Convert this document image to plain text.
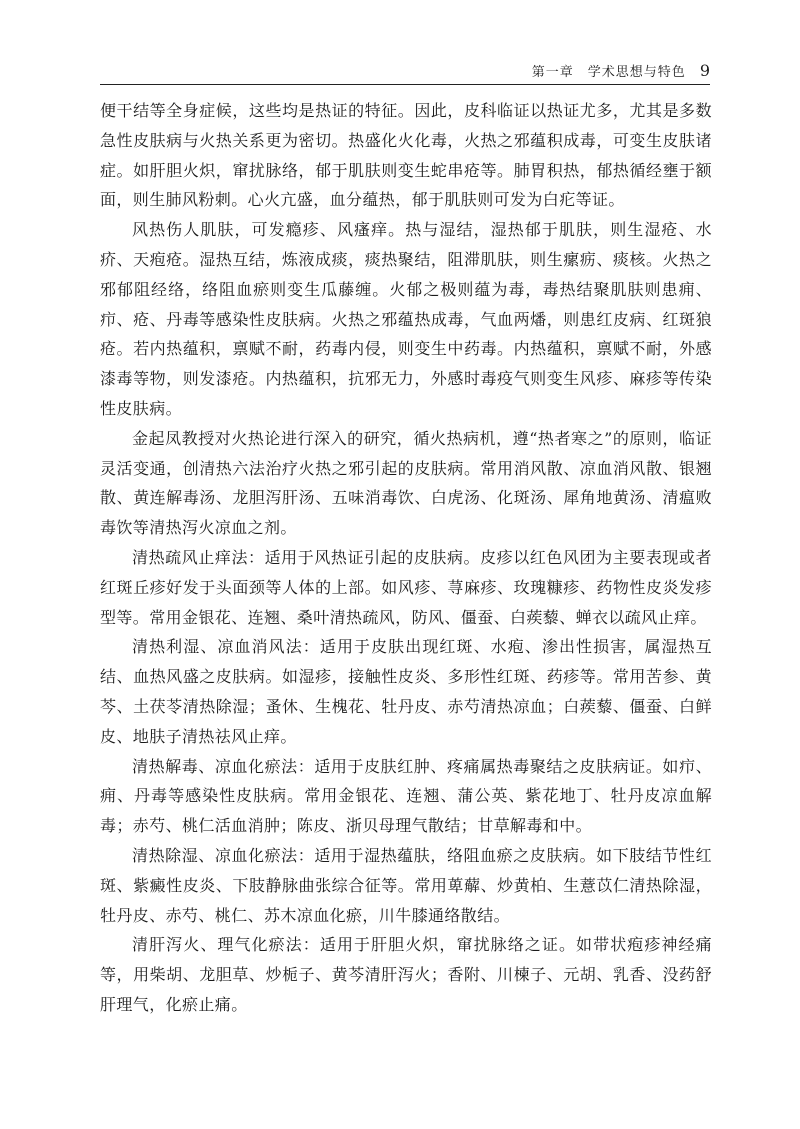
第一章　学术思想与特色 9

便干结等全身症候，这些均是热证的特征。因此，皮科临证以热证尤多，尤其是多数急性皮肤病与火热关系更为密切。热盛化火化毒，火热之邪蕴积成毒，可变生皮肤诸症。如肝胆火炽，窜扰脉络，郁于肌肤则变生蛇串疮等。肺胃积热，郁热循经壅于额面，则生肺风粉刺。心火亢盛，血分蕴热，郁于肌肤则可发为白疕等证。

风热伤人肌肤，可发瘾疹、风瘙痒。热与湿结，湿热郁于肌肤，则生湿疮、水疥、天疱疮。湿热互结，炼液成痰，痰热聚结，阻滞肌肤，则生瘰疬、痰核。火热之邪郁阻经络，络阻血瘀则变生瓜藤缠。火郁之极则蕴为毒，毒热结聚肌肤则患痈、疖、疮、丹毒等感染性皮肤病。火热之邪蕴热成毒，气血两燔，则患红皮病、红斑狼疮。若内热蕴积，禀赋不耐，药毒内侵，则变生中药毒。内热蕴积，禀赋不耐，外感漆毒等物，则发漆疮。内热蕴积，抗邪无力，外感时毒疫气则变生风疹、麻疹等传染性皮肤病。

金起凤教授对火热论进行深入的研究，循火热病机，遵“热者寒之”的原则，临证灵活变通，创清热六法治疗火热之邪引起的皮肤病。常用消风散、凉血消风散、银翘散、黄连解毒汤、龙胆泻肝汤、五味消毒饮、白虎汤、化斑汤、犀角地黄汤、清瘟败毒饮等清热泻火凉血之剂。

清热疏风止痒法：适用于风热证引起的皮肤病。皮疹以红色风团为主要表现或者红斑丘疹好发于头面颈等人体的上部。如风疹、荨麻疹、玫瑰糠疹、药物性皮炎发疹型等。常用金银花、连翘、桑叶清热疏风，防风、僵蚕、白蒺藜、蝉衣以疏风止痒。

清热利湿、凉血消风法：适用于皮肤出现红斑、水疱、渗出性损害，属湿热互结、血热风盛之皮肤病。如湿疹，接触性皮炎、多形性红斑、药疹等。常用苦参、黄芩、土茯苓清热除湿；蚤休、生槐花、牡丹皮、赤芍清热凉血；白蒺藜、僵蚕、白鲜皮、地肤子清热祛风止痒。

清热解毒、凉血化瘀法：适用于皮肤红肿、疼痛属热毒聚结之皮肤病证。如疖、痈、丹毒等感染性皮肤病。常用金银花、连翘、蒲公英、紫花地丁、牡丹皮凉血解毒；赤芍、桃仁活血消肿；陈皮、浙贝母理气散结；甘草解毒和中。

清热除湿、凉血化瘀法：适用于湿热蕴肤，络阻血瘀之皮肤病。如下肢结节性红斑、紫癜性皮炎、下肢静脉曲张综合征等。常用萆薢、炒黄柏、生薏苡仁清热除湿，牡丹皮、赤芍、桃仁、苏木凉血化瘀，川牛膝通络散结。

清肝泻火、理气化瘀法：适用于肝胆火炽，窜扰脉络之证。如带状疱疹神经痛等，用柴胡、龙胆草、炒栀子、黄芩清肝泻火；香附、川楝子、元胡、乳香、没药舒肝理气，化瘀止痛。
